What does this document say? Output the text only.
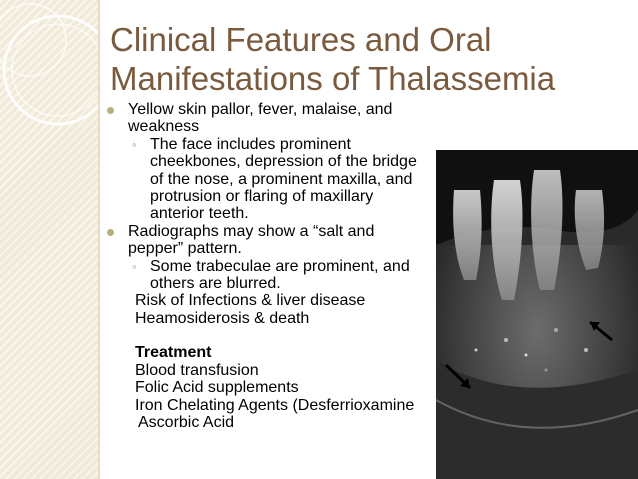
Clinical Features and Oral
Manifestations of Thalassemia
Yellow skin pallor, fever, malaise, and
weakness
◦ The face includes prominent
cheekbones, depression of the bridge
of the nose, a prominent maxilla, and
protrusion or flaring of maxillary
anterior teeth.
Radiographs may show a “salt and
pepper” pattern.
◦ Some trabeculae are prominent, and
others are blurred.
Risk of Infections & liver disease
Heamosiderosis & death
Treatment
Blood transfusion
Folic Acid supplements
Iron Chelating Agents (Desferrioxamine
Ascorbic Acid
